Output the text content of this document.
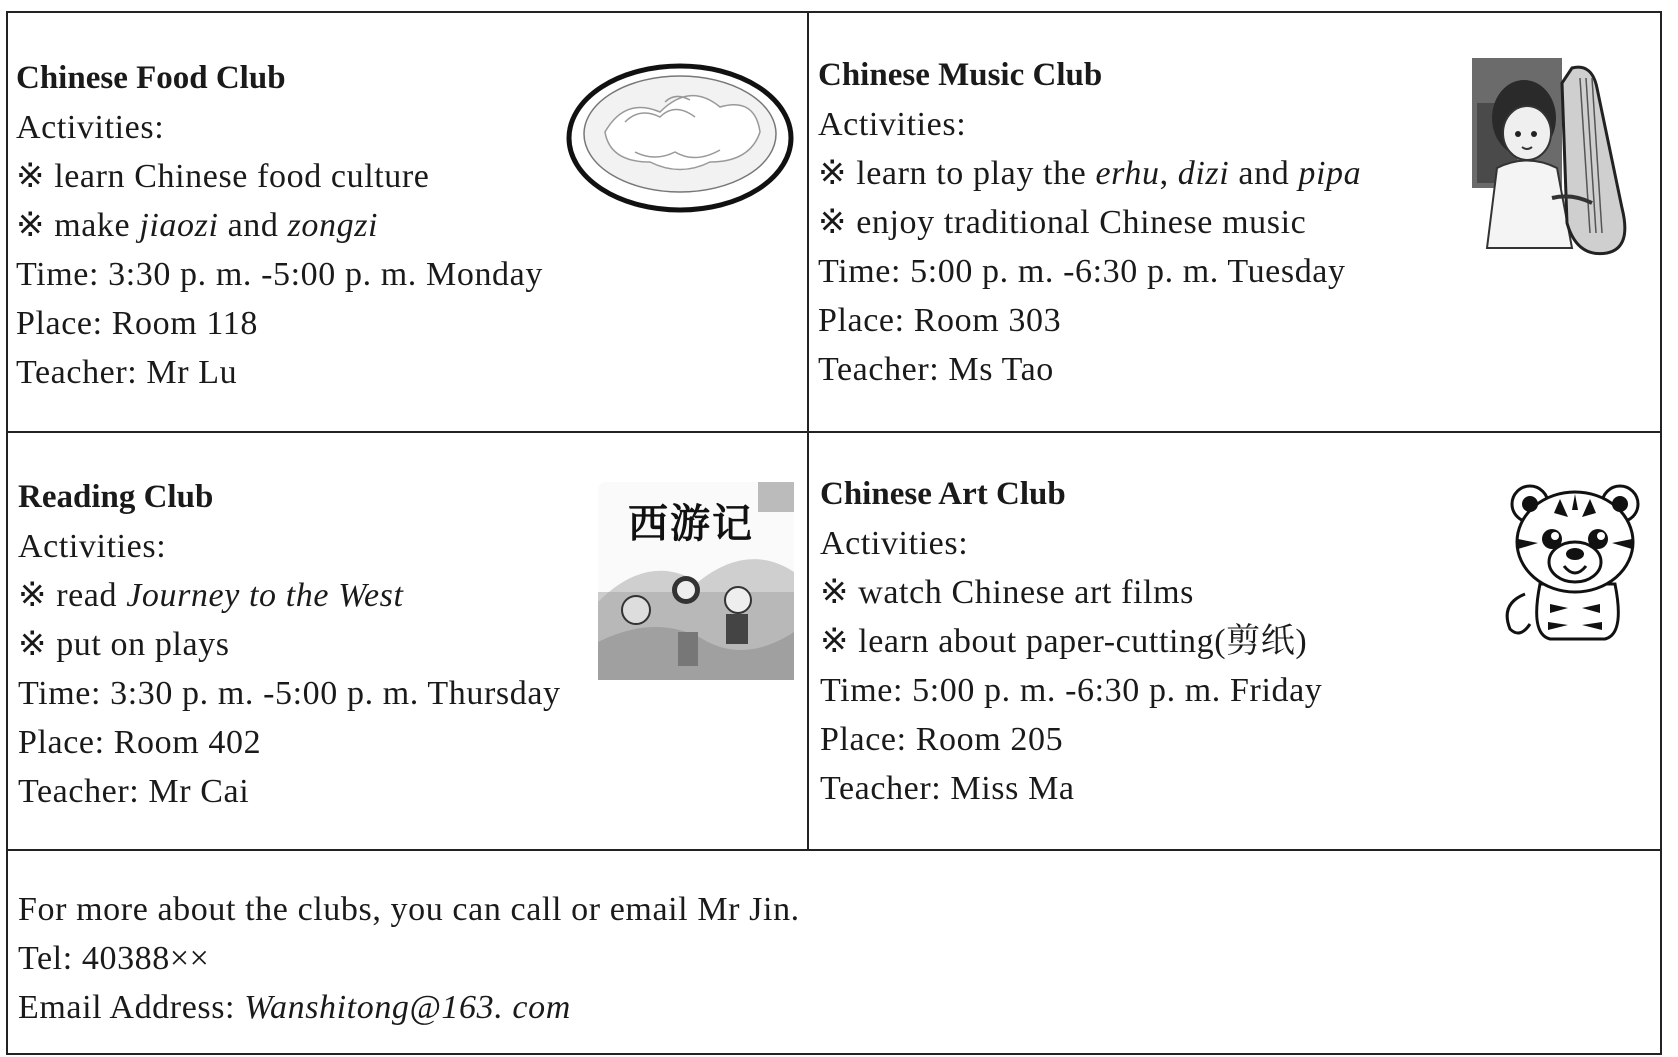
Chinese Food Club
Activities:
※ learn Chinese food culture
※ make jiaozi and zongzi
Time: 3:30 p. m. -5:00 p. m. Monday
Place: Room 118
Teacher: Mr Lu
Chinese Music Club
Activities:
※ learn to play the erhu, dizi and pipa
※ enjoy traditional Chinese music
Time: 5:00 p. m. -6:30 p. m. Tuesday
Place: Room 303
Teacher: Ms Tao
Reading Club
Activities:
※ read Journey to the West
※ put on plays
Time: 3:30 p. m. -5:00 p. m. Thursday
Place: Room 402
Teacher: Mr Cai
西游记
Chinese Art Club
Activities:
※ watch Chinese art films
※ learn about paper-cutting(剪纸)
Time: 5:00 p. m. -6:30 p. m. Friday
Place: Room 205
Teacher: Miss Ma
For more about the clubs, you can call or email Mr Jin.
Tel: 40388××
Email Address: Wanshitong@163. com
